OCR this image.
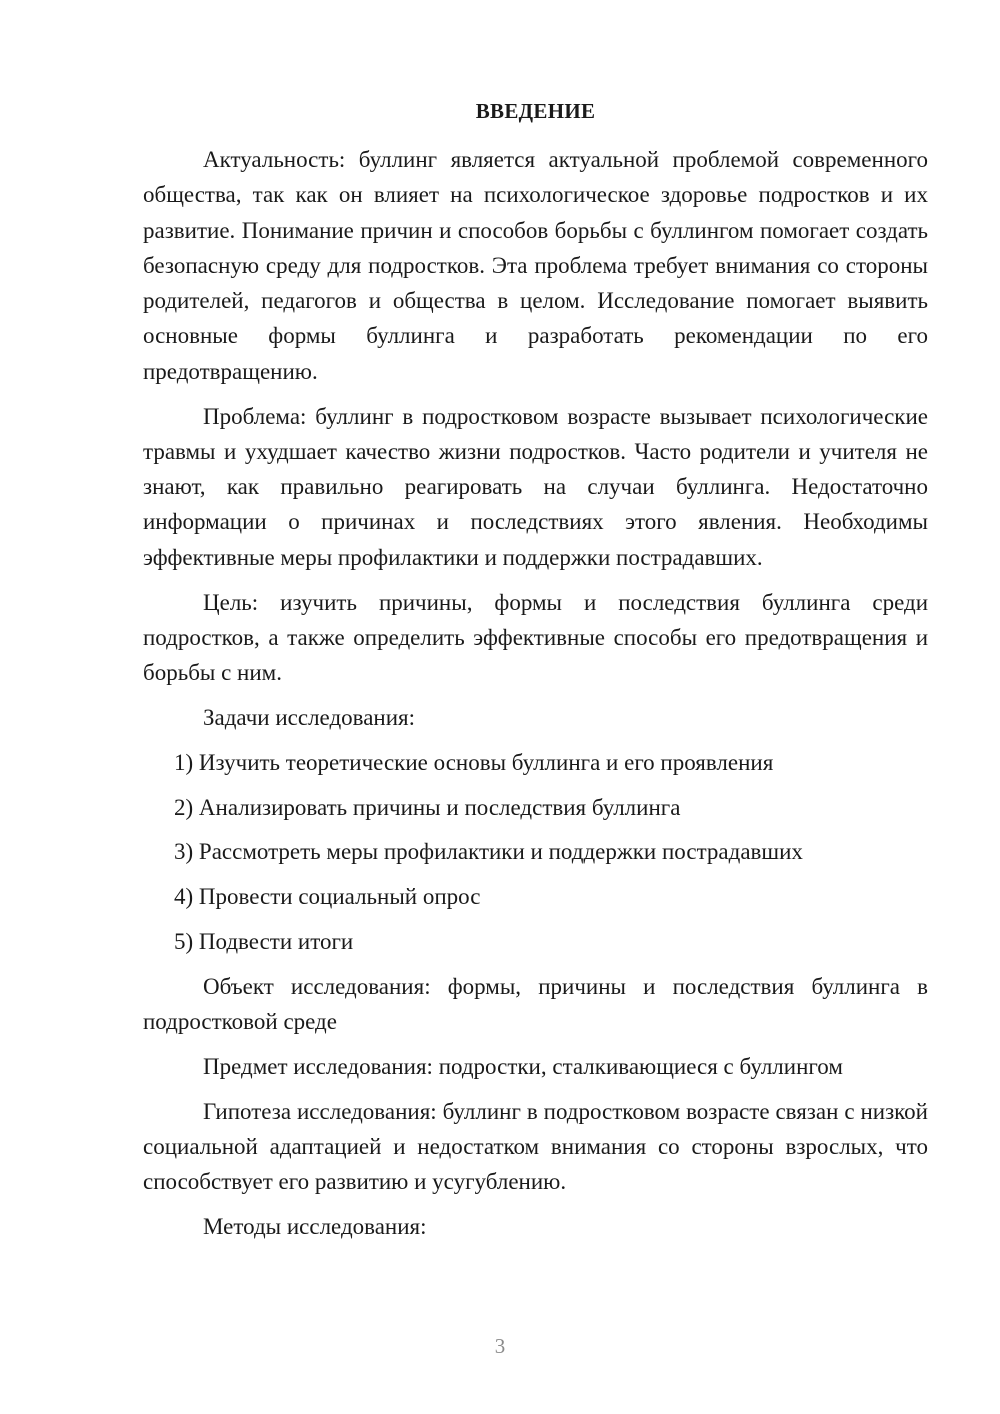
ВВЕДЕНИЕ

Актуальность: буллинг является актуальной проблемой современного общества, так как он влияет на психологическое здоровье подростков и их развитие. Понимание причин и способов борьбы с буллингом помогает создать безопасную среду для подростков. Эта проблема требует внимания со стороны родителей, педагогов и общества в целом. Исследование помогает выявить основные формы буллинга и разработать рекомендации по его предотвращению.

Проблема: буллинг в подростковом возрасте вызывает психологические травмы и ухудшает качество жизни подростков. Часто родители и учителя не знают, как правильно реагировать на случаи буллинга. Недостаточно информации о причинах и последствиях этого явления. Необходимы эффективные меры профилактики и поддержки пострадавших.

Цель: изучить причины, формы и последствия буллинга среди подростков, а также определить эффективные способы его предотвращения и борьбы с ним.

Задачи исследования:

1) Изучить теоретические основы буллинга и его проявления

2) Анализировать причины и последствия буллинга

3) Рассмотреть меры профилактики и поддержки пострадавших

4) Провести социальный опрос

5) Подвести итоги

Объект исследования: формы, причины и последствия буллинга в подростковой среде

Предмет исследования: подростки, сталкивающиеся с буллингом

Гипотеза исследования: буллинг в подростковом возрасте связан с низкой социальной адаптацией и недостатком внимания со стороны взрослых, что способствует его развитию и усугублению.

Методы исследования:

3
